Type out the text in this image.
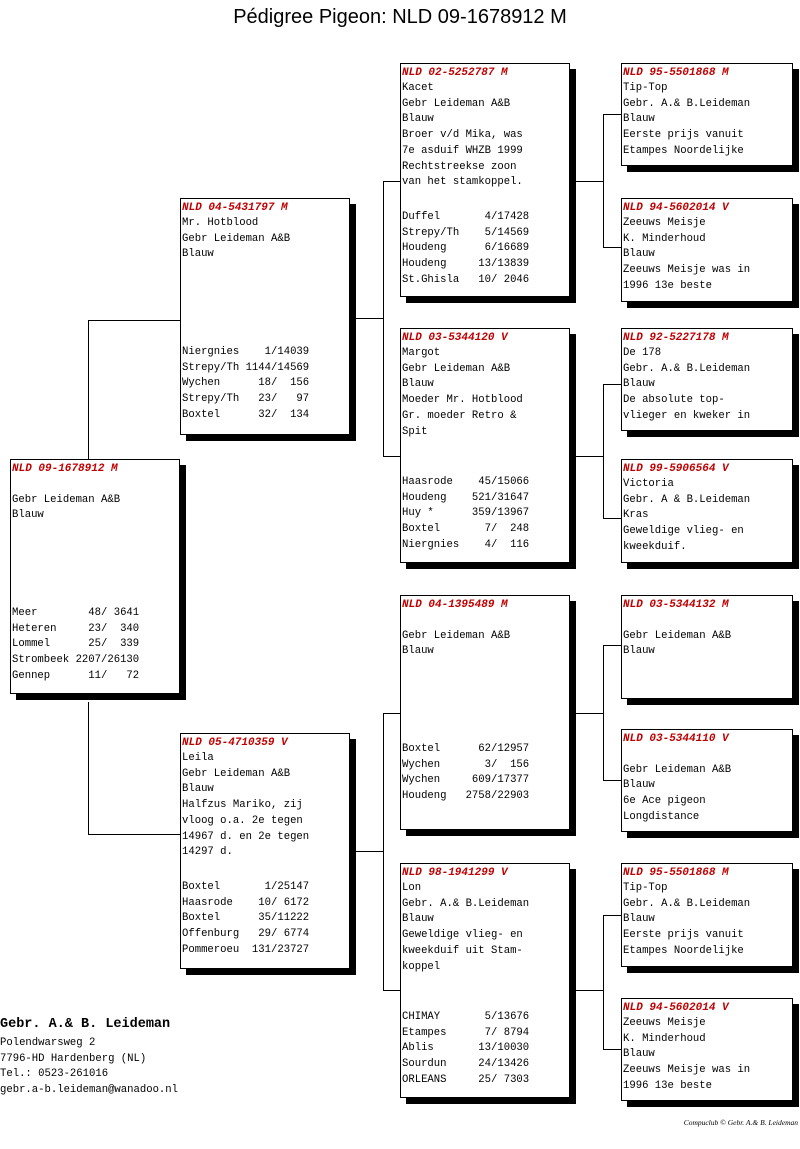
Pédigree Pigeon: NLD 09-1678912 M
NLD 09-1678912 M

Gebr Leideman A&B
Blauw
Meer        48/ 3641
Heteren     23/  340
Lommel      25/  339
Strombeek 2207/26130
Gennep      11/   72
NLD 04-5431797 M
Mr. Hotblood
Gebr Leideman A&B
Blauw
Niergnies    1/14039
Strepy/Th 1144/14569
Wychen      18/  156
Strepy/Th   23/   97
Boxtel      32/  134
NLD 05-4710359 V
Leila
Gebr Leideman A&B
Blauw
Halfzus Mariko, zij
vloog o.a. 2e tegen
14967 d. en 2e tegen
14297 d.
Boxtel       1/25147
Haasrode    10/ 6172
Boxtel      35/11222
Offenburg   29/ 6774
Pommeroeu  131/23727
NLD 02-5252787 M
Kacet
Gebr Leideman A&B
Blauw
Broer v/d Mika, was
7e asduif WHZB 1999
Rechtstreekse zoon
van het stamkoppel.
Duffel       4/17428
Strepy/Th    5/14569
Houdeng      6/16689
Houdeng     13/13839
St.Ghisla   10/ 2046
NLD 03-5344120 V
Margot
Gebr Leideman A&B
Blauw
Moeder Mr. Hotblood
Gr. moeder Retro &
Spit
Haasrode    45/15066
Houdeng    521/31647
Huy *      359/13967
Boxtel       7/  248
Niergnies    4/  116
NLD 04-1395489 M

Gebr Leideman A&B
Blauw
Boxtel      62/12957
Wychen       3/  156
Wychen     609/17377
Houdeng   2758/22903
NLD 98-1941299 V
Lon
Gebr. A.& B.Leideman
Blauw
Geweldige vlieg- en
kweekduif uit Stam-
koppel
CHIMAY       5/13676
Etampes      7/ 8794
Ablis       13/10030
Sourdun     24/13426
ORLEANS     25/ 7303
NLD 95-5501868 M
Tip-Top
Gebr. A.& B.Leideman
Blauw
Eerste prijs vanuit
Etampes Noordelijke
NLD 94-5602014 V
Zeeuws Meisje
K. Minderhoud
Blauw
Zeeuws Meisje was in
1996 13e beste
NLD 92-5227178 M
De 178
Gebr. A.& B.Leideman
Blauw
De absolute top-
vlieger en kweker in
NLD 99-5906564 V
Victoria
Gebr. A & B.Leideman
Kras
Geweldige vlieg- en
kweekduif.
NLD 03-5344132 M

Gebr Leideman A&B
Blauw
NLD 03-5344110 V

Gebr Leideman A&B
Blauw
6e Ace pigeon
Longdistance
NLD 95-5501868 M
Tip-Top
Gebr. A.& B.Leideman
Blauw
Eerste prijs vanuit
Etampes Noordelijke
NLD 94-5602014 V
Zeeuws Meisje
K. Minderhoud
Blauw
Zeeuws Meisje was in
1996 13e beste
Gebr. A.& B. Leideman
Polendwarsweg 2
7796-HD Hardenberg (NL)
Tel.: 0523-261016
gebr.a-b.leideman@wanadoo.nl
Compuclub © Gebr. A.& B. Leideman
